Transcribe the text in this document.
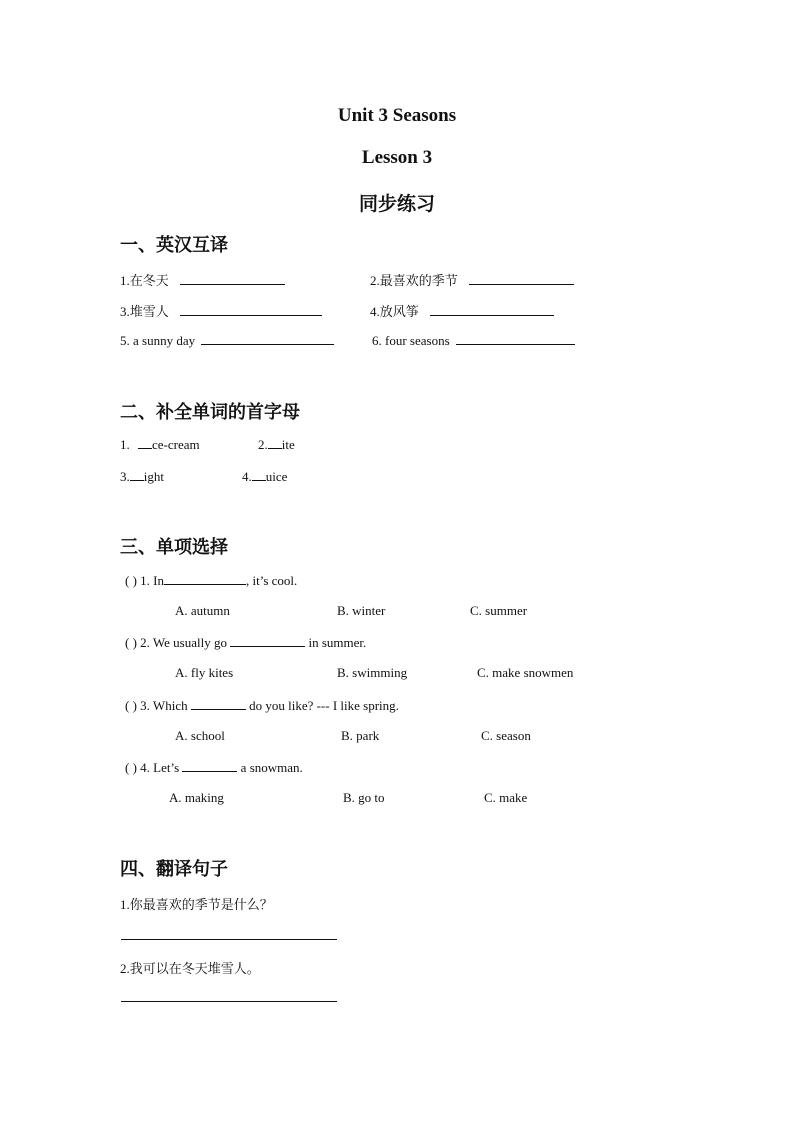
Unit 3 Seasons
Lesson 3
同步练习
一、英汉互译
1.在冬天	2.最喜欢的季节
3.堆雪人	4.放风筝
5. a sunny day	6. four seasons
二、补全单词的首字母
1. ce-cream	2. ite
3. ight	4. uice
三、单项选择
( ) 1. In	, it’s cool.
A. autumn	B. winter	C. summer
( ) 2. We usually go	in summer.
A. fly kites	B. swimming	C. make snowmen
( ) 3. Which	do you like? --- I like spring.
A. school	B. park	C. season
( ) 4. Let’s	a snowman.
A. making	B. go to	C. make
四、翻译句子
1.你最喜欢的季节是什么？
2.我可以在冬天堆雪人。
